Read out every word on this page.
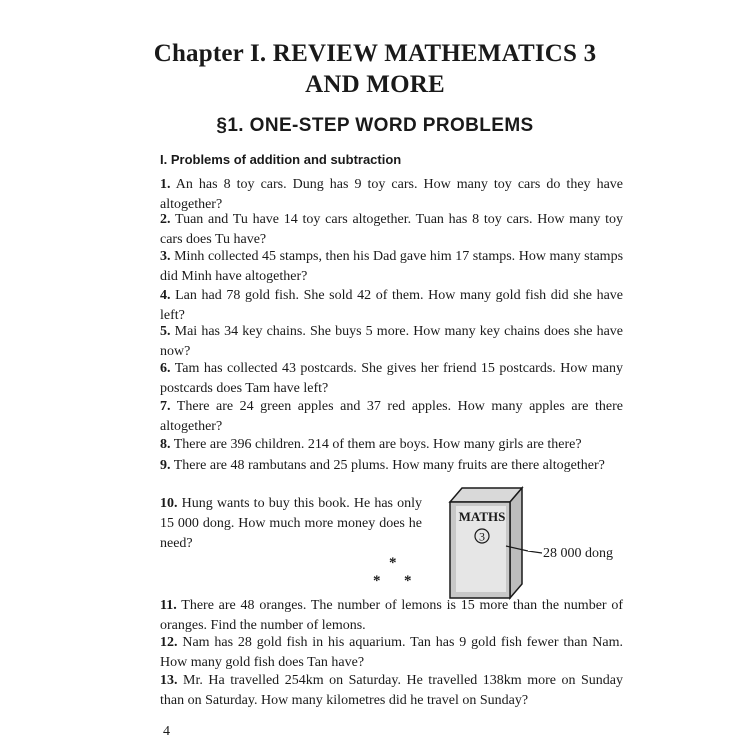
Chapter I. REVIEW MATHEMATICS 3
AND MORE
§1. ONE-STEP WORD PROBLEMS
I. Problems of addition and subtraction
1. An has 8 toy cars. Dung has 9 toy cars. How many toy cars do they have altogether?
2. Tuan and Tu have 14 toy cars altogether. Tuan has 8 toy cars. How many toy cars does Tu have?
3. Minh collected 45 stamps, then his Dad gave him 17 stamps. How many stamps did Minh have altogether?
4. Lan had 78 gold fish. She sold 42 of them. How many gold fish did she have left?
5. Mai has 34 key chains. She buys 5 more. How many key chains does she have now?
6. Tam has collected 43 postcards. She gives her friend 15 postcards. How many postcards does Tam have left?
7. There are 24 green apples and 37 red apples. How many apples are there altogether?
8. There are 396 children. 214 of them are boys. How many girls are there?
9. There are 48 rambutans and 25 plums. How many fruits are there altogether?
10. Hung wants to buy this book. He has only 15 000 dong. How much more money does he need?
MATHS
3
28 000 dong
*
* *
11. There are 48 oranges. The number of lemons is 15 more than the number of oranges. Find the number of lemons.
12. Nam has 28 gold fish in his aquarium. Tan has 9 gold fish fewer than Nam. How many gold fish does Tan have?
13. Mr. Ha travelled 254km on Saturday. He travelled 138km more on Sunday than on Saturday. How many kilometres did he travel on Sunday?
4
